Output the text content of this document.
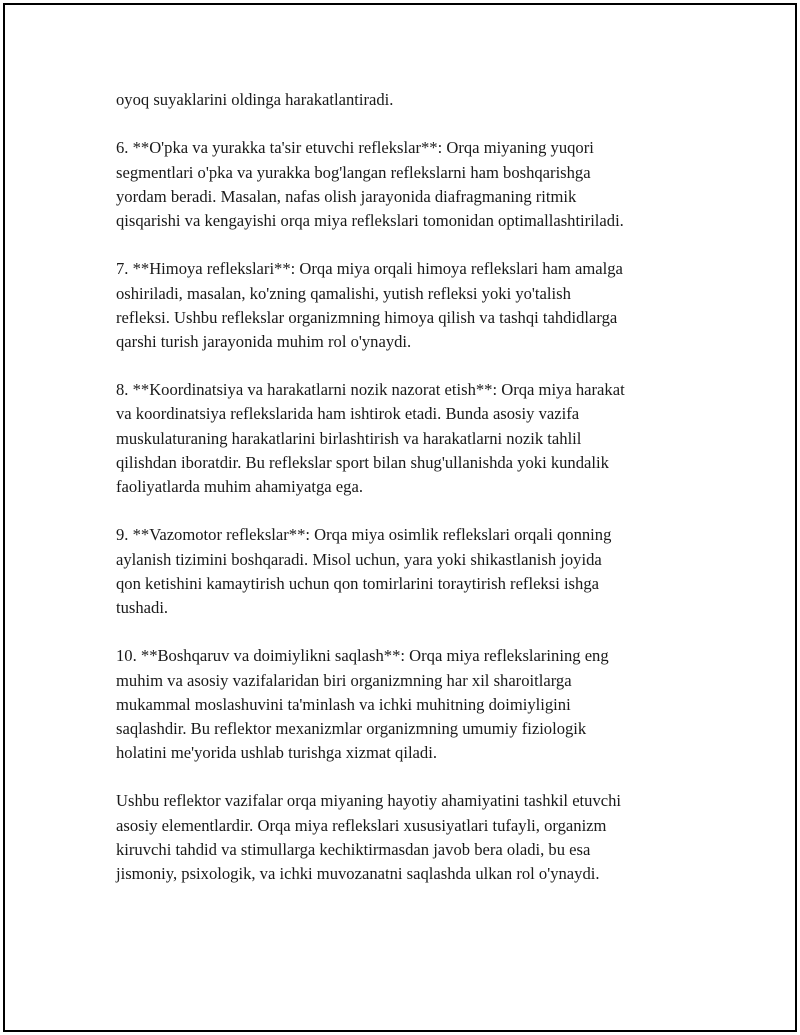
oyoq suyaklarini oldinga harakatlantiradi.
6. **O'pka va yurakka ta'sir etuvchi reflekslar**: Orqa miyaning yuqori
segmentlari o'pka va yurakka bog'langan reflekslarni ham boshqarishga
yordam beradi. Masalan, nafas olish jarayonida diafragmaning ritmik
qisqarishi va kengayishi orqa miya reflekslari tomonidan optimallashtiriladi.
7. **Himoya reflekslari**: Orqa miya orqali himoya reflekslari ham amalga
oshiriladi, masalan, ko'zning qamalishi, yutish refleksi yoki yo'talish
refleksi. Ushbu reflekslar organizmning himoya qilish va tashqi tahdidlarga
qarshi turish jarayonida muhim rol o'ynaydi.
8. **Koordinatsiya va harakatlarni nozik nazorat etish**: Orqa miya harakat
va koordinatsiya reflekslarida ham ishtirok etadi. Bunda asosiy vazifa
muskulaturaning harakatlarini birlashtirish va harakatlarni nozik tahlil
qilishdan iboratdir. Bu reflekslar sport bilan shug'ullanishda yoki kundalik
faoliyatlarda muhim ahamiyatga ega.
9. **Vazomotor reflekslar**: Orqa miya osimlik reflekslari orqali qonning
aylanish tizimini boshqaradi. Misol uchun, yara yoki shikastlanish joyida
qon ketishini kamaytirish uchun qon tomirlarini toraytirish refleksi ishga
tushadi.
10. **Boshqaruv va doimiylikni saqlash**: Orqa miya reflekslarining eng
muhim va asosiy vazifalaridan biri organizmning har xil sharoitlarga
mukammal moslashuvini ta'minlash va ichki muhitning doimiyligini
saqlashdir. Bu reflektor mexanizmlar organizmning umumiy fiziologik
holatini me'yorida ushlab turishga xizmat qiladi.
Ushbu reflektor vazifalar orqa miyaning hayotiy ahamiyatini tashkil etuvchi
asosiy elementlardir. Orqa miya reflekslari xususiyatlari tufayli, organizm
kiruvchi tahdid va stimullarga kechiktirmasdan javob bera oladi, bu esa
jismoniy, psixologik, va ichki muvozanatni saqlashda ulkan rol o'ynaydi.
